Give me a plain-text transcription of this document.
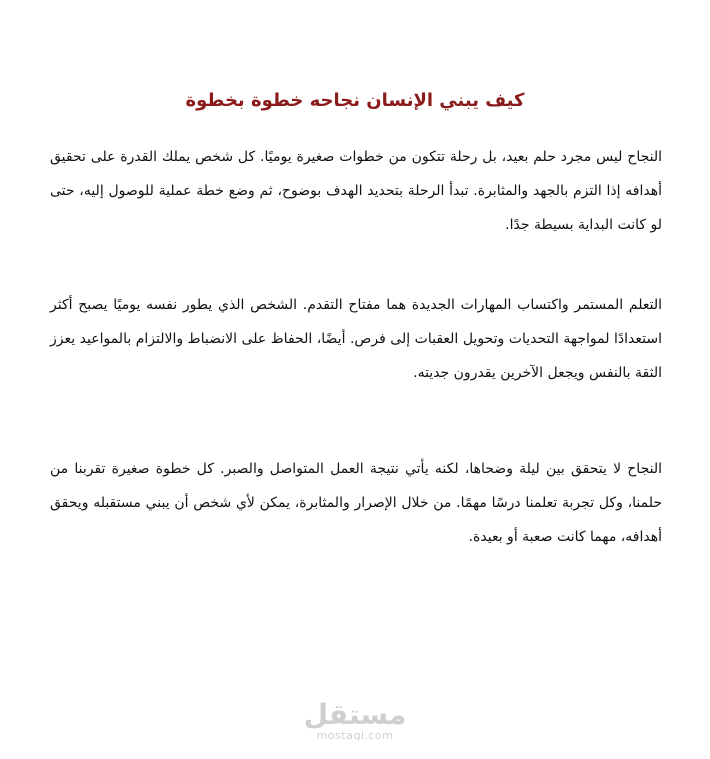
كيف يبني الإنسان نجاحه خطوة بخطوة

النجاح ليس مجرد حلم بعيد، بل رحلة تتكون من خطوات صغيرة يوميًا. كل شخص يملك القدرة على تحقيق أهدافه إذا التزم بالجهد والمثابرة. تبدأ الرحلة بتحديد الهدف بوضوح، ثم وضع خطة عملية للوصول إليه، حتى لو كانت البداية بسيطة جدًا.

التعلم المستمر واكتساب المهارات الجديدة هما مفتاح التقدم. الشخص الذي يطور نفسه يوميًا يصبح أكثر استعدادًا لمواجهة التحديات وتحويل العقبات إلى فرص. أيضًا، الحفاظ على الانضباط والالتزام بالمواعيد يعزز الثقة بالنفس ويجعل الآخرين يقدرون جديته.

النجاح لا يتحقق بين ليلة وضحاها، لكنه يأتي نتيجة العمل المتواصل والصبر. كل خطوة صغيرة تقربنا من حلمنا، وكل تجربة تعلمنا درسًا مهمًا. من خلال الإصرار والمثابرة، يمكن لأي شخص أن يبني مستقبله ويحقق أهدافه، مهما كانت صعبة أو بعيدة.

مستقل
mostaql.com
